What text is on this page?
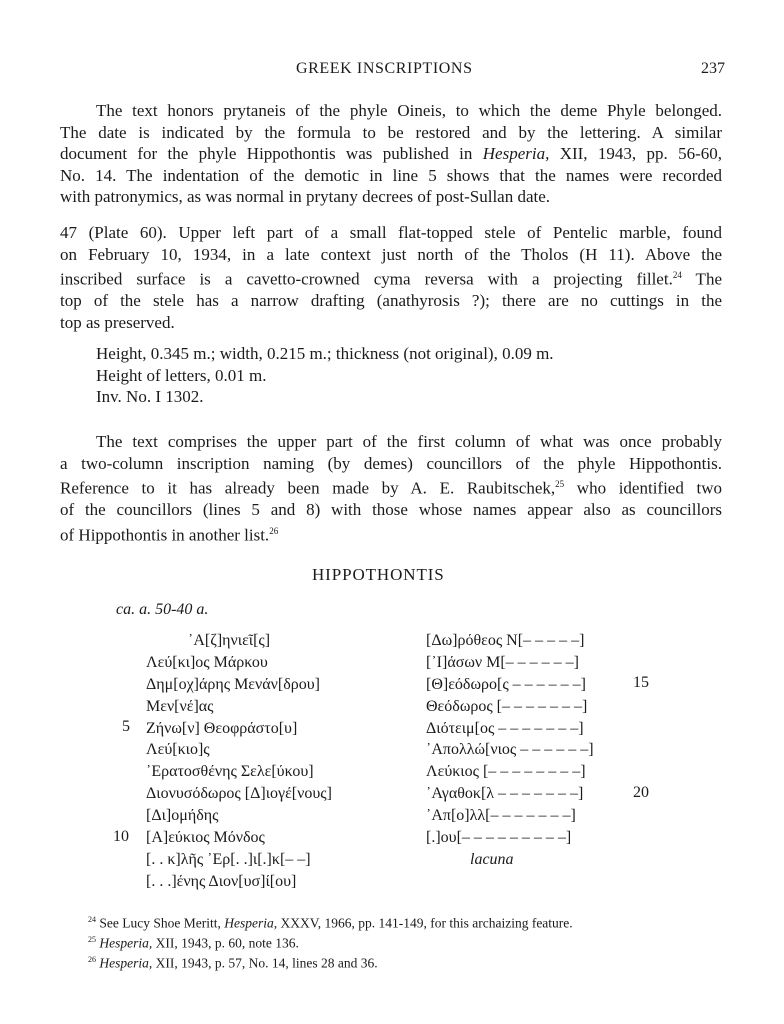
GREEK INSCRIPTIONS	237
The text honors prytaneis of the phyle Oineis, to which the deme Phyle belonged.
The date is indicated by the formula to be restored and by the lettering. A similar
document for the phyle Hippothontis was published in Hesperia, XII, 1943, pp. 56-60,
No. 14. The indentation of the demotic in line 5 shows that the names were recorded
with patronymics, as was normal in prytany decrees of post-Sullan date.
47 (Plate 60). Upper left part of a small flat-topped stele of Pentelic marble, found
on February 10, 1934, in a late context just north of the Tholos (H 11). Above the
inscribed surface is a cavetto-crowned cyma reversa with a projecting fillet.$^{24}$ The
top of the stele has a narrow drafting (anathyrosis ?); there are no cuttings in the
top as preserved.
Height, 0.345 m.; width, 0.215 m.; thickness (not original), 0.09 m.
Height of letters, 0.01 m.
Inv. No. I 1302.
The text comprises the upper part of the first column of what was once probably
a two-column inscription naming (by demes) councillors of the phyle Hippothontis.
Reference to it has already been made by A. E. Raubitschek,$^{25}$ who identified two
of the councillors (lines 5 and 8) with those whose names appear also as councillors
of Hippothontis in another list.$^{26}$
HIPPOTHONTIS
ca. a. 50-40 a.
᾿Α[ζ]ηνιεῖ[ς]
Λεύ[κι]ος Μάρκου
Δημ[οχ]άρης Μενάν[δρου]
Μεν[νέ]ας
Ζήνω[ν] Θεοφράστο[υ]
Λεύ[κιο]ς
᾿Ερατοσθένης Σελε[ύκου]
Διονυσόδωρος [Δ]ιογέ[νους]
[Δι]ομήδης
[Α]εύκιος Μόνδος
[. . κ]λῆς ᾿Ερ[. .]ι[.]κ[– –]
[. . .]ένης Διον[υσ]ί[ου]
[Δω]ρόθεος Ν[– – – – –]
[᾿Ι]άσων Μ[– – – – – –]
[Θ]εόδωρο[ς – – – – – –]
Θεόδωρος [– – – – – – –]
Διότειμ[ος – – – – – – –]
᾿Απολλώ[νιος – – – – – –]
Λεύκιος [– – – – – – – –]
᾿Αγαθοκ[λ – – – – – – –]
᾿Απ[ο]λλ[– – – – – – –]
[.]ου[– – – – – – – – –]
lacuna
5
10
15
20
$^{24}$ See Lucy Shoe Meritt, Hesperia, XXXV, 1966, pp. 141-149, for this archaizing feature.
$^{25}$ Hesperia, XII, 1943, p. 60, note 136.
$^{26}$ Hesperia, XII, 1943, p. 57, No. 14, lines 28 and 36.
